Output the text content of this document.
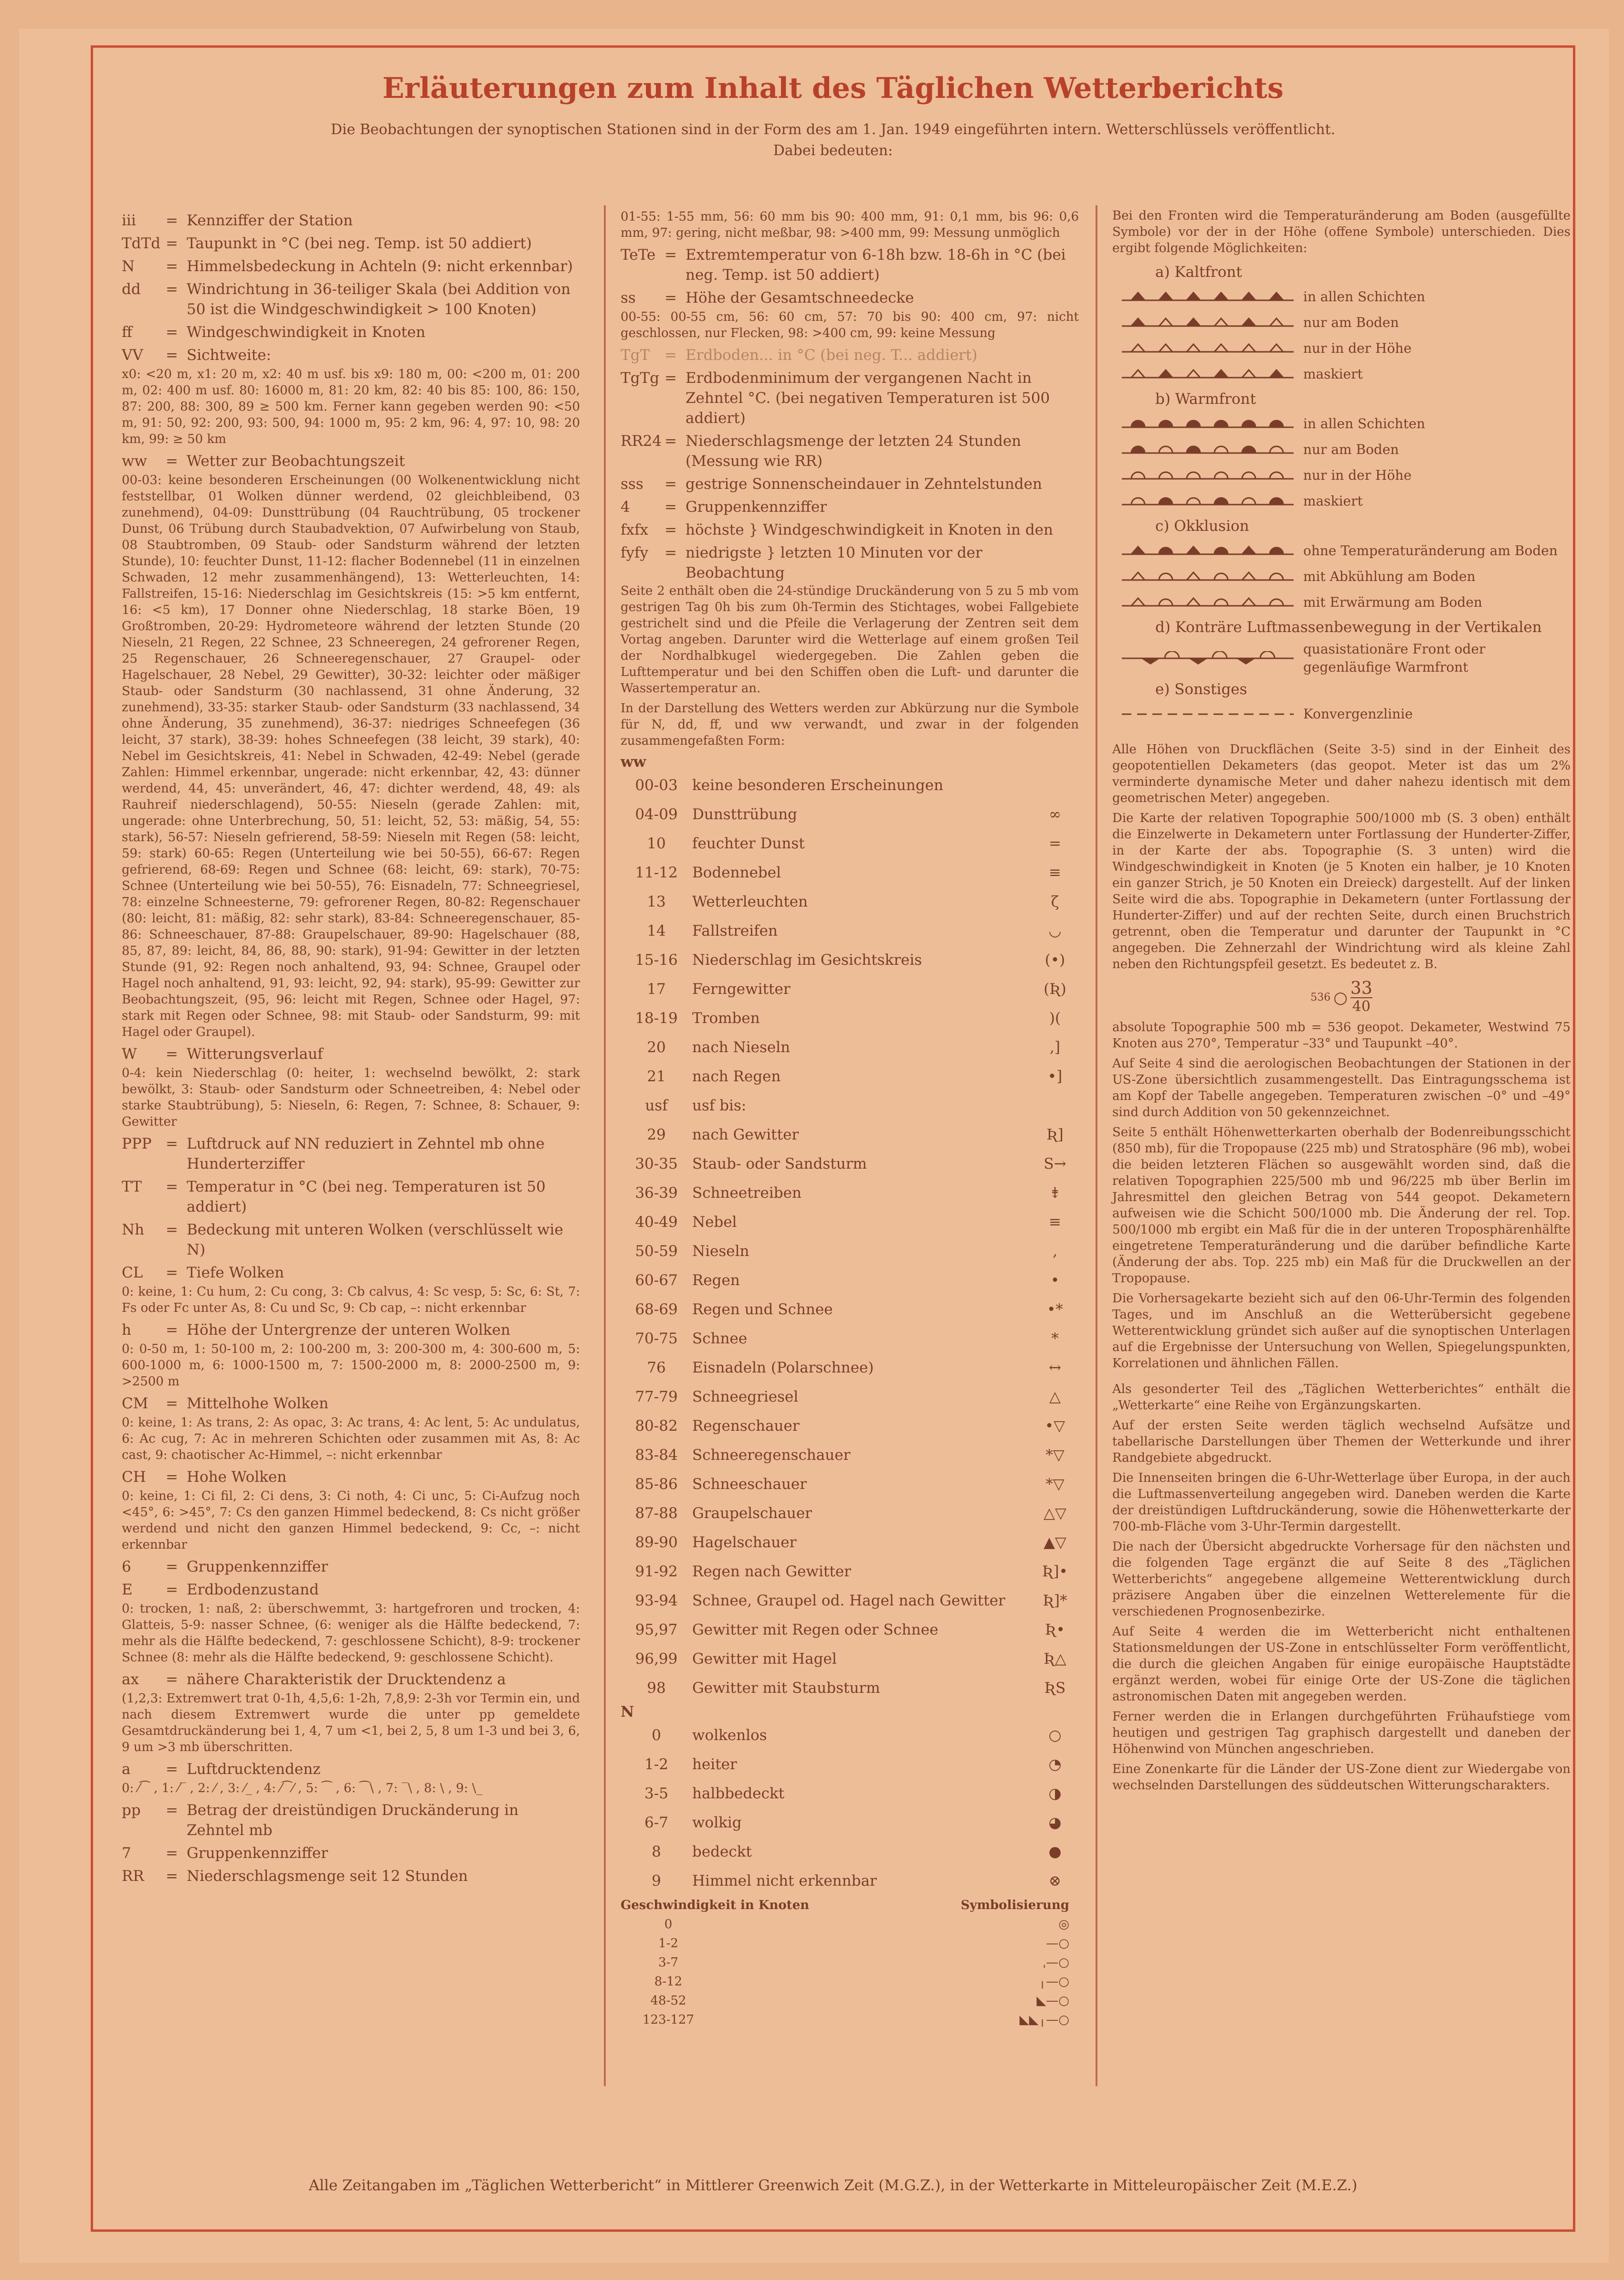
Erläuterungen zum Inhalt des Täglichen Wetterberichts
Die Beobachtungen der synoptischen Stationen sind in der Form des am 1. Jan. 1949 eingeführten intern. Wetterschlüssels veröffentlicht.
Dabei bedeuten:
iii	= Kennziffer der Station
TdTd = Taupunkt in °C (bei neg. Temp. ist 50 addiert)
N	= Himmelsbedeckung in Achteln (9: nicht erkennbar)
dd	= Windrichtung in 36-teiliger Skala (bei Addition von 50 ist die Windgeschwindigkeit > 100 Knoten)
ff	= Windgeschwindigkeit in Knoten
VV	= Sichtweite:
x0: <20 m, x1: 20 m, x2: 40 m usf. bis x9: 180 m, 00: <200 m, 01: 200 m, 02: 400 m usf. 80: 16000 m, 81: 20 km, 82: 40 bis 85: 100, 86: 150, 87: 200, 88: 300, 89 ≥ 500 km. Ferner kann gegeben werden 90: <50 m, 91: 50, 92: 200, 93: 500, 94: 1000 m, 95: 2 km, 96: 4, 97: 10, 98: 20 km, 99: ≥ 50 km
ww	= Wetter zur Beobachtungszeit
00-03: keine besonderen Erscheinungen (00 Wolkenentwicklung nicht feststellbar, 01 Wolken dünner werdend, 02 gleichbleibend, 03 zunehmend), 04-09: Dunsttrübung (04 Rauchtrübung, 05 trockener Dunst, 06 Trübung durch Staubadvektion, 07 Aufwirbelung von Staub, 08 Staubtromben, 09 Staub- oder Sandsturm während der letzten Stunde), 10: feuchter Dunst, 11-12: flacher Bodennebel (11 in einzelnen Schwaden, 12 mehr zusammenhängend), 13: Wetterleuchten, 14: Fallstreifen, 15-16: Niederschlag im Gesichtskreis (15: >5 km entfernt, 16: <5 km), 17 Donner ohne Niederschlag, 18 starke Böen, 19 Großtromben, 20-29: Hydrometeore während der letzten Stunde (20 Nieseln, 21 Regen, 22 Schnee, 23 Schneeregen, 24 gefrorener Regen, 25 Regenschauer, 26 Schneeregenschauer, 27 Graupel- oder Hagelschauer, 28 Nebel, 29 Gewitter), 30-32: leichter oder mäßiger Staub- oder Sandsturm (30 nachlassend, 31 ohne Änderung, 32 zunehmend), 33-35: starker Staub- oder Sandsturm (33 nachlassend, 34 ohne Änderung, 35 zunehmend), 36-37: niedriges Schneefegen (36 leicht, 37 stark), 38-39: hohes Schneefegen (38 leicht, 39 stark), 40: Nebel im Gesichtskreis, 41: Nebel in Schwaden, 42-49: Nebel (gerade Zahlen: Himmel erkennbar, ungerade: nicht erkennbar, 42, 43: dünner werdend, 44, 45: unverändert, 46, 47: dichter werdend, 48, 49: als Rauhreif niederschlagend), 50-55: Nieseln (gerade Zahlen: mit, ungerade: ohne Unterbrechung, 50, 51: leicht, 52, 53: mäßig, 54, 55: stark), 56-57: Nieseln gefrierend, 58-59: Nieseln mit Regen (58: leicht, 59: stark) 60-65: Regen (Unterteilung wie bei 50-55), 66-67: Regen gefrierend, 68-69: Regen und Schnee (68: leicht, 69: stark), 70-75: Schnee (Unterteilung wie bei 50-55), 76: Eisnadeln, 77: Schneegriesel, 78: einzelne Schneesterne, 79: gefrorener Regen, 80-82: Regenschauer (80: leicht, 81: mäßig, 82: sehr stark), 83-84: Schneeregenschauer, 85-86: Schneeschauer, 87-88: Graupelschauer, 89-90: Hagelschauer (88, 85, 87, 89: leicht, 84, 86, 88, 90: stark), 91-94: Gewitter in der letzten Stunde (91, 92: Regen noch anhaltend, 93, 94: Schnee, Graupel oder Hagel noch anhaltend, 91, 93: leicht, 92, 94: stark), 95-99: Gewitter zur Beobachtungszeit, (95, 96: leicht mit Regen, Schnee oder Hagel, 97: stark mit Regen oder Schnee, 98: mit Staub- oder Sandsturm, 99: mit Hagel oder Graupel).
W	= Witterungsverlauf
0-4: kein Niederschlag (0: heiter, 1: wechselnd bewölkt, 2: stark bewölkt, 3: Staub- oder Sandsturm oder Schneetreiben, 4: Nebel oder starke Staubtrübung), 5: Nieseln, 6: Regen, 7: Schnee, 8: Schauer, 9: Gewitter
PPP = Luftdruck auf NN reduziert in Zehntel mb ohne Hunderterziffer
TT	= Temperatur in °C (bei neg. Temperaturen ist 50 addiert)
Nh	= Bedeckung mit unteren Wolken (verschlüsselt wie N)
CL	= Tiefe Wolken
0: keine, 1: Cu hum, 2: Cu cong, 3: Cb calvus, 4: Sc vesp, 5: Sc, 6: St, 7: Fs oder Fc unter As, 8: Cu und Sc, 9: Cb cap, –: nicht erkennbar
h	= Höhe der Untergrenze der unteren Wolken
0: 0-50 m, 1: 50-100 m, 2: 100-200 m, 3: 200-300 m, 4: 300-600 m, 5: 600-1000 m, 6: 1000-1500 m, 7: 1500-2000 m, 8: 2000-2500 m, 9: >2500 m
CM	= Mittelhohe Wolken
0: keine, 1: As trans, 2: As opac, 3: Ac trans, 4: Ac lent, 5: Ac undulatus, 6: Ac cug, 7: Ac in mehreren Schichten oder zusammen mit As, 8: Ac cast, 9: chaotischer Ac-Himmel, –: nicht erkennbar
CH	= Hohe Wolken
0: keine, 1: Ci fil, 2: Ci dens, 3: Ci noth, 4: Ci unc, 5: Ci-Aufzug noch <45°, 6: >45°, 7: Cs den ganzen Himmel bedeckend, 8: Cs nicht größer werdend und nicht den ganzen Himmel bedeckend, 9: Cc, –: nicht erkennbar
6	= Gruppenkennziffer
E	= Erdbodenzustand
0: trocken, 1: naß, 2: überschwemmt, 3: hartgefroren und trocken, 4: Glatteis, 5-9: nasser Schnee, (6: weniger als die Hälfte bedeckend, 7: mehr als die Hälfte bedeckend, 7: geschlossene Schicht), 8-9: trockener Schnee (8: mehr als die Hälfte bedeckend, 9: geschlossene Schicht).
ax	= nähere Charakteristik der Drucktendenz a
(1,2,3: Extremwert trat 0-1h, 4,5,6: 1-2h, 7,8,9: 2-3h vor Termin ein, und nach diesem Extremwert wurde die unter pp gemeldete Gesamtdruckänderung bei 1, 4, 7 um <1, bei 2, 5, 8 um 1-3 und bei 3, 6, 9 um >3 mb überschritten.
a	= Luftdrucktendenz
0: ⁄⁀ , 1: ⁄‾ , 2: ⁄ , 3: ⁄_ , 4: ⁄⁀⁄ , 5: ⁀ , 6: ⁀\ , 7: ‾\ , 8: \ , 9: \_
pp	= Betrag der dreistündigen Druckänderung in Zehntel mb
7	= Gruppenkennziffer
RR	= Niederschlagsmenge seit 12 Stunden
01-55: 1-55 mm, 56: 60 mm bis 90: 400 mm, 91: 0,1 mm, bis 96: 0,6 mm, 97: gering, nicht meßbar, 98: >400 mm, 99: Messung unmöglich
TeTe = Extremtemperatur von 6-18h bzw. 18-6h in °C (bei neg. Temp. ist 50 addiert)
ss	= Höhe der Gesamtschneedecke
00-55: 00-55 cm, 56: 60 cm, 57: 70 bis 90: 400 cm, 97: nicht geschlossen, nur Flecken, 98: >400 cm, 99: keine Messung
TgT = Erdboden... in °C (bei neg. T... addiert)
TgTg = Erdbodenminimum der vergangenen Nacht in Zehntel °C. (bei negativen Temperaturen ist 500 addiert)
RR24 = Niederschlagsmenge der letzten 24 Stunden (Messung wie RR)
sss	= gestrige Sonnenscheindauer in Zehntelstunden
4	= Gruppenkennziffer
fxfx	= höchste } Windgeschwindigkeit in Knoten in den
fyfy	= niedrigste } letzten 10 Minuten vor der Beobachtung
Seite 2 enthält oben die 24-stündige Druckänderung von 5 zu 5 mb vom gestrigen Tag 0h bis zum 0h-Termin des Stichtages, wobei Fallgebiete gestrichelt sind und die Pfeile die Verlagerung der Zentren seit dem Vortag angeben. Darunter wird die Wetterlage auf einem großen Teil der Nordhalbkugel wiedergegeben. Die Zahlen geben die Lufttemperatur und bei den Schiffen oben die Luft- und darunter die Wassertemperatur an.
In der Darstellung des Wetters werden zur Abkürzung nur die Symbole für N, dd, ff, und ww verwandt, und zwar in der folgenden zusammengefaßten Form:
ww
00-03 keine besonderen Erscheinungen
04-09 Dunsttrübung	∞
10	feuchter Dunst	=
11-12 Bodennebel	≡
13	Wetterleuchten	ζ
14	Fallstreifen	◡
15-16 Niederschlag im Gesichtskreis	(•)
17	Ferngewitter	(Ʀ)
18-19 Tromben	)(
20	nach Nieseln	,]
21	nach Regen	•]
usf	usf bis:
29	nach Gewitter	Ʀ]
30-35 Staub- oder Sandsturm	S→
36-39 Schneetreiben	⇟
40-49 Nebel	≡
50-59 Nieseln	,
60-67 Regen	•
68-69 Regen und Schnee	•*
70-75 Schnee	*
76	Eisnadeln (Polarschnee)	↔
77-79 Schneegriesel	△
80-82 Regenschauer	•▽
83-84 Schneeregenschauer	*▽
85-86 Schneeschauer	*▽
87-88 Graupelschauer	△▽
89-90 Hagelschauer	▲▽
91-92 Regen nach Gewitter	Ʀ]•
93-94 Schnee, Graupel od. Hagel nach Gewitter	Ʀ]*
95,97 Gewitter mit Regen oder Schnee	Ʀ•
96,99 Gewitter mit Hagel	Ʀ△
98	Gewitter mit Staubsturm	ƦS
N
0	wolkenlos	○
1-2	heiter	◔
3-5	halbbedeckt	◑
6-7	wolkig	◕
8	bedeckt	●
9	Himmel nicht erkennbar	⊗
Geschwindigkeit in Knoten	Symbolisierung
0	◎
1-2	—○
3-7	ˌ—○
8-12	╷—○
48-52	◣—○
123-127	◣◣╷—○
Bei den Fronten wird die Temperaturänderung am Boden (ausgefüllte Symbole) vor der in der Höhe (offene Symbole) unterschieden. Dies ergibt folgende Möglichkeiten:
a) Kaltfront
in allen Schichten
nur am Boden
nur in der Höhe
maskiert
b) Warmfront
in allen Schichten
nur am Boden
nur in der Höhe
maskiert
c) Okklusion
ohne Temperaturänderung am Boden
mit Abkühlung am Boden
mit Erwärmung am Boden
d) Konträre Luftmassenbewegung in der Vertikalen
quasistationäre Front oder gegenläufige Warmfront
e) Sonstiges
Konvergenzlinie
Alle Höhen von Druckflächen (Seite 3-5) sind in der Einheit des geopotentiellen Dekameters (das geopot. Meter ist das um 2% verminderte dynamische Meter und daher nahezu identisch mit dem geometrischen Meter) angegeben.
Die Karte der relativen Topographie 500/1000 mb (S. 3 oben) enthält die Einzelwerte in Dekametern unter Fortlassung der Hunderter-Ziffer, in der Karte der abs. Topographie (S. 3 unten) wird die Windgeschwindigkeit in Knoten (je 5 Knoten ein halber, je 10 Knoten ein ganzer Strich, je 50 Knoten ein Dreieck) dargestellt. Auf der linken Seite wird die abs. Topographie in Dekametern (unter Fortlassung der Hunderter-Ziffer) und auf der rechten Seite, durch einen Bruchstrich getrennt, oben die Temperatur und darunter der Taupunkt in °C angegeben. Die Zehnerzahl der Windrichtung wird als kleine Zahl neben den Richtungspfeil gesetzt. Es bedeutet z. B.
536 ○ 33
40
absolute Topographie 500 mb = 536 geopot. Dekameter, Westwind 75 Knoten aus 270°, Temperatur –33° und Taupunkt –40°.
Auf Seite 4 sind die aerologischen Beobachtungen der Stationen in der US-Zone übersichtlich zusammengestellt. Das Eintragungsschema ist am Kopf der Tabelle angegeben. Temperaturen zwischen –0° und –49° sind durch Addition von 50 gekennzeichnet.
Seite 5 enthält Höhenwetterkarten oberhalb der Bodenreibungsschicht (850 mb), für die Tropopause (225 mb) und Stratosphäre (96 mb), wobei die beiden letzteren Flächen so ausgewählt worden sind, daß die relativen Topographien 225/500 mb und 96/225 mb über Berlin im Jahresmittel den gleichen Betrag von 544 geopot. Dekametern aufweisen wie die Schicht 500/1000 mb. Die Änderung der rel. Top. 500/1000 mb ergibt ein Maß für die in der unteren Troposphärenhälfte eingetretene Temperaturänderung und die darüber befindliche Karte (Änderung der abs. Top. 225 mb) ein Maß für die Druckwellen an der Tropopause.
Die Vorhersagekarte bezieht sich auf den 06-Uhr-Termin des folgenden Tages, und im Anschluß an die Wetterübersicht gegebene Wetterentwicklung gründet sich außer auf die synoptischen Unterlagen auf die Ergebnisse der Untersuchung von Wellen, Spiegelungspunkten, Korrelationen und ähnlichen Fällen.
Als gesonderter Teil des „Täglichen Wetterberichtes“ enthält die „Wetterkarte“ eine Reihe von Ergänzungskarten.
Auf der ersten Seite werden täglich wechselnd Aufsätze und tabellarische Darstellungen über Themen der Wetterkunde und ihrer Randgebiete abgedruckt.
Die Innenseiten bringen die 6-Uhr-Wetterlage über Europa, in der auch die Luftmassenverteilung angegeben wird. Daneben werden die Karte der dreistündigen Luftdruckänderung, sowie die Höhenwetterkarte der 700-mb-Fläche vom 3-Uhr-Termin dargestellt.
Die nach der Übersicht abgedruckte Vorhersage für den nächsten und die folgenden Tage ergänzt die auf Seite 8 des „Täglichen Wetterberichts“ angegebene allgemeine Wetterentwicklung durch präzisere Angaben über die einzelnen Wetterelemente für die verschiedenen Prognosenbezirke.
Auf Seite 4 werden die im Wetterbericht nicht enthaltenen Stationsmeldungen der US-Zone in entschlüsselter Form veröffentlicht, die durch die gleichen Angaben für einige europäische Hauptstädte ergänzt werden, wobei für einige Orte der US-Zone die täglichen astronomischen Daten mit angegeben werden.
Ferner werden die in Erlangen durchgeführten Frühaufstiege vom heutigen und gestrigen Tag graphisch dargestellt und daneben der Höhenwind von München angeschrieben.
Eine Zonenkarte für die Länder der US-Zone dient zur Wiedergabe von wechselnden Darstellungen des süddeutschen Witterungscharakters.
Alle Zeitangaben im „Täglichen Wetterbericht“ in Mittlerer Greenwich Zeit (M.G.Z.), in der Wetterkarte in Mitteleuropäischer Zeit (M.E.Z.)
